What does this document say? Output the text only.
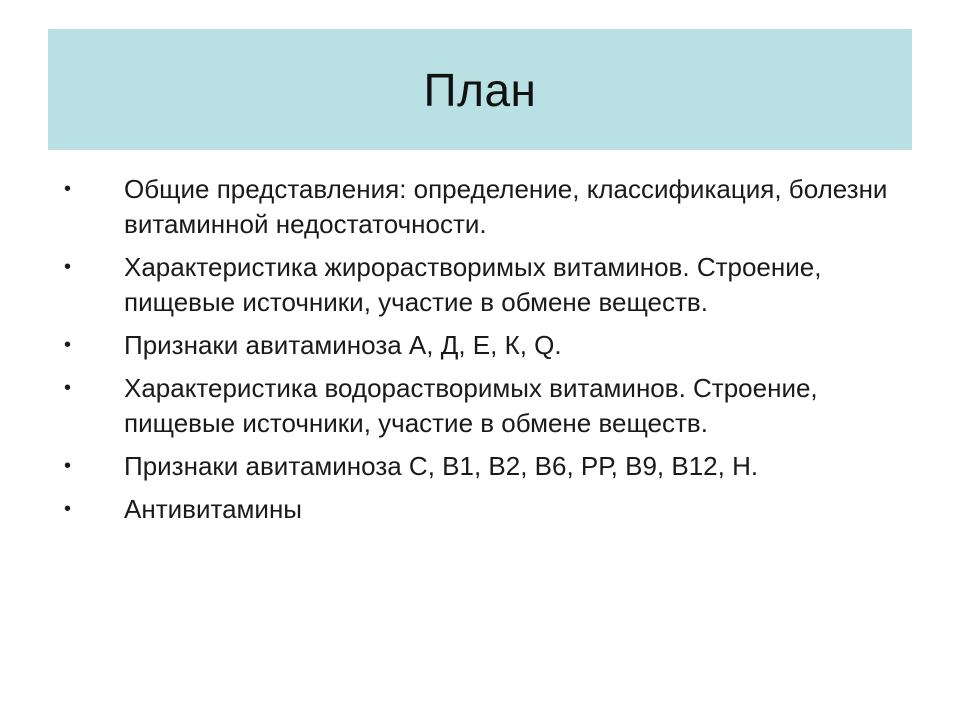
План
• Общие представления: определение, классификация, болезни витаминной недостаточности.
• Характеристика жирорастворимых витаминов. Строение, пищевые источники, участие в обмене веществ.
• Признаки авитаминоза А, Д, Е, К, Q.
• Характеристика водорастворимых витаминов. Строение, пищевые источники, участие в обмене веществ.
• Признаки авитаминоза С, В1, В2, В6, РР, В9, В12, Н.
• Антивитамины
